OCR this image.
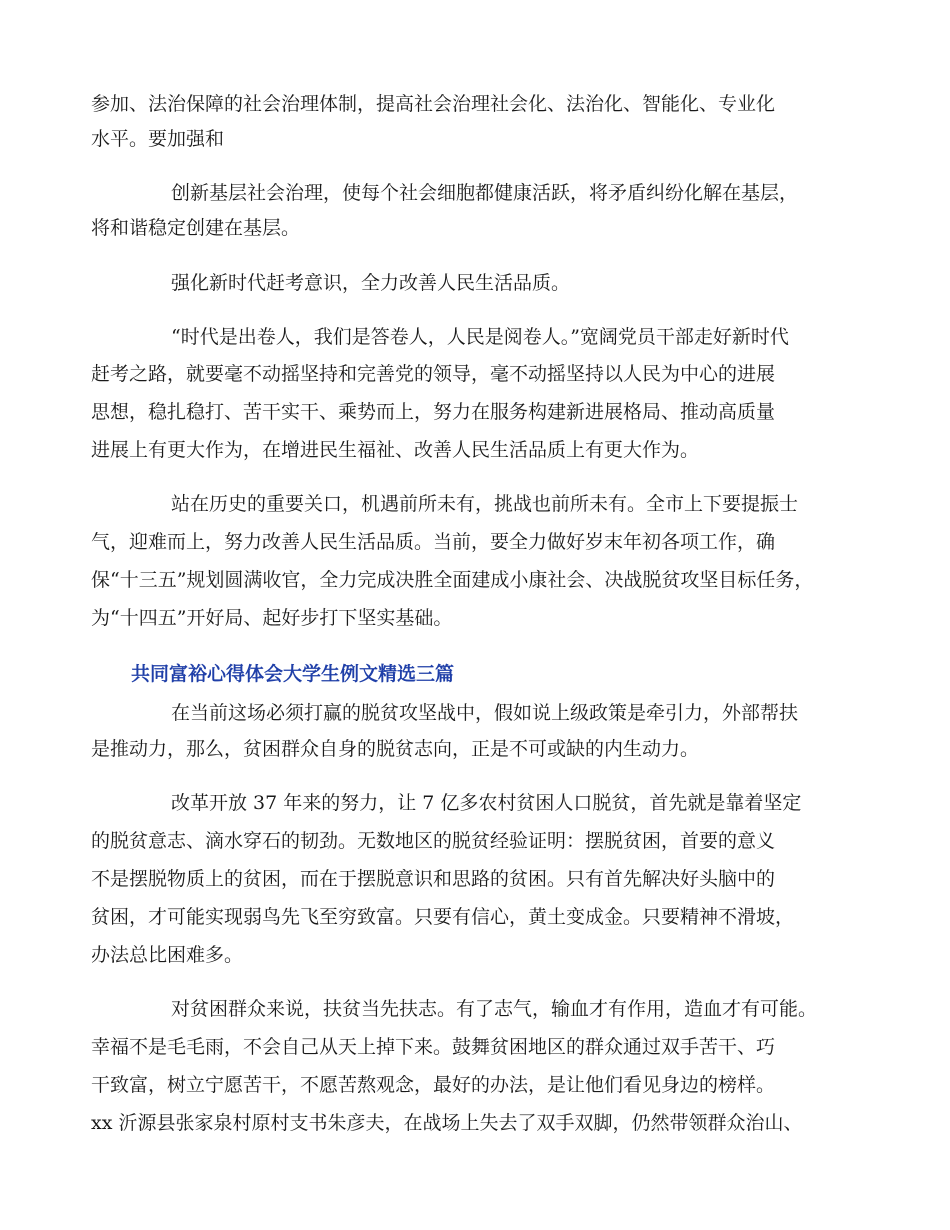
参加、法治保障的社会治理体制，提高社会治理社会化、法治化、智能化、专业化
水平。要加强和
创新基层社会治理，使每个社会细胞都健康活跃，将矛盾纠纷化解在基层，
将和谐稳定创建在基层。
强化新时代赶考意识，全力改善人民生活品质。
“时代是出卷人，我们是答卷人，人民是阅卷人。”宽阔党员干部走好新时代
赶考之路，就要毫不动摇坚持和完善党的领导，毫不动摇坚持以人民为中心的进展
思想，稳扎稳打、苦干实干、乘势而上，努力在服务构建新进展格局、推动高质量
进展上有更大作为，在增进民生福祉、改善人民生活品质上有更大作为。
站在历史的重要关口，机遇前所未有，挑战也前所未有。全市上下要提振士
气，迎难而上，努力改善人民生活品质。当前，要全力做好岁末年初各项工作，确
保“十三五”规划圆满收官，全力完成决胜全面建成小康社会、决战脱贫攻坚目标任务，
为“十四五”开好局、起好步打下坚实基础。
共同富裕心得体会大学生例文精选三篇
在当前这场必须打赢的脱贫攻坚战中，假如说上级政策是牵引力，外部帮扶
是推动力，那么，贫困群众自身的脱贫志向，正是不可或缺的内生动力。
改革开放 37 年来的努力，让 7 亿多农村贫困人口脱贫，首先就是靠着坚定
的脱贫意志、滴水穿石的韧劲。无数地区的脱贫经验证明：摆脱贫困，首要的意义
不是摆脱物质上的贫困，而在于摆脱意识和思路的贫困。只有首先解决好头脑中的
贫困，才可能实现弱鸟先飞至穷致富。只要有信心，黄土变成金。只要精神不滑坡，
办法总比困难多。
对贫困群众来说，扶贫当先扶志。有了志气，输血才有作用，造血才有可能。
幸福不是毛毛雨，不会自己从天上掉下来。鼓舞贫困地区的群众通过双手苦干、巧
干致富，树立宁愿苦干，不愿苦熬观念，最好的办法，是让他们看见身边的榜样。
xx 沂源县张家泉村原村支书朱彦夫，在战场上失去了双手双脚，仍然带领群众治山、
